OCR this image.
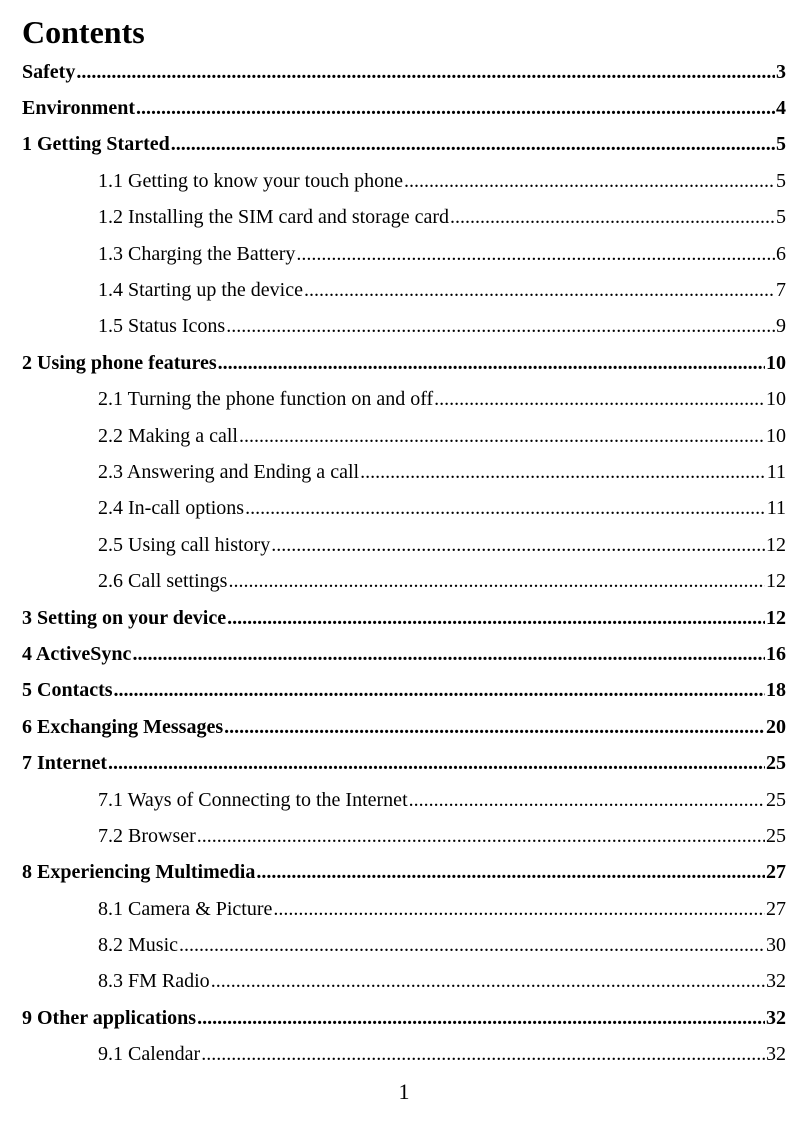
Contents
Safety .....	3
Environment .....	4
1 Getting Started .....	5
1.1 Getting to know your touch phone .....	5
1.2 Installing the SIM card and storage card .....	5
1.3 Charging the Battery .....	6
1.4 Starting up the device .....	7
1.5 Status Icons .....	9
2 Using phone features .....	10
2.1 Turning the phone function on and off .....	10
2.2 Making a call .....	10
2.3 Answering and Ending a call .....	11
2.4 In-call options .....	11
2.5 Using call history .....	12
2.6 Call settings .....	12
3 Setting on your device .....	12
4 ActiveSync .....	16
5 Contacts .....	18
6 Exchanging Messages .....	20
7 Internet .....	25
7.1 Ways of Connecting to the Internet .....	25
7.2 Browser .....	25
8 Experiencing Multimedia .....	27
8.1 Camera & Picture .....	27
8.2 Music .....	30
8.3 FM Radio .....	32
9 Other applications .....	32
9.1 Calendar .....	32
1
